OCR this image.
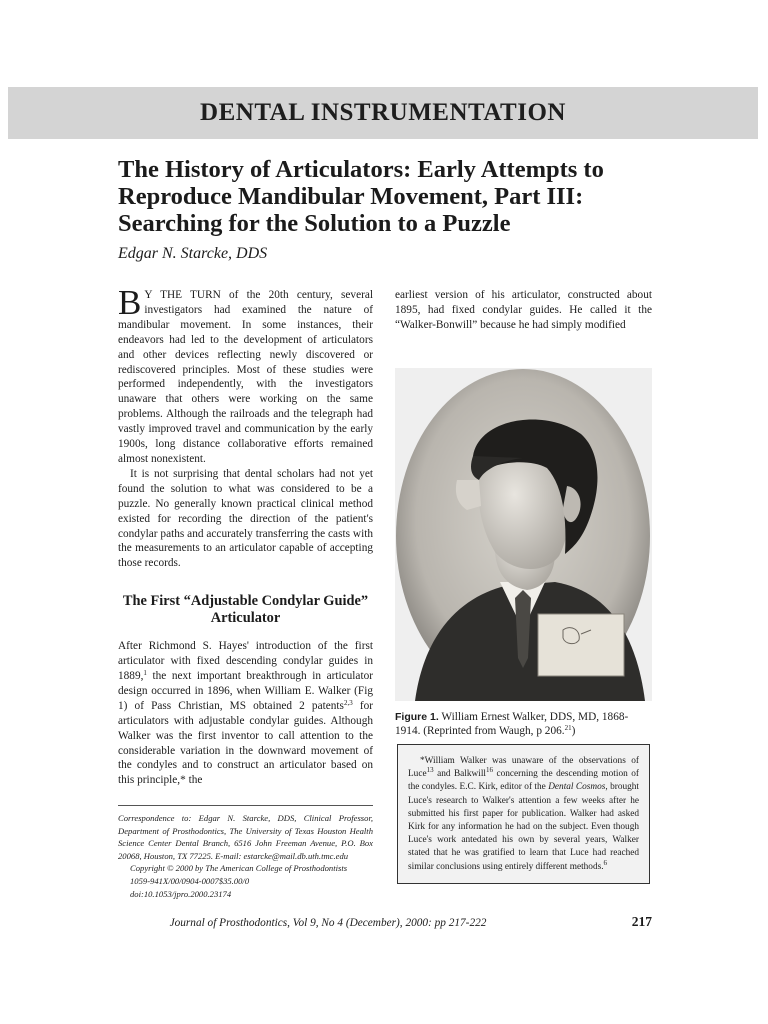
DENTAL INSTRUMENTATION
The History of Articulators: Early Attempts to Reproduce Mandibular Movement, Part III: Searching for the Solution to a Puzzle

Edgar N. Starcke, DDS

B Y THE TURN of the 20th century, several investigators had examined the nature of mandibular movement. In some instances, their endeavors had led to the development of articulators and other devices reflecting newly discovered or rediscovered principles. Most of these studies were performed independently, with the investigators unaware that others were working on the same problems. Although the railroads and the telegraph had vastly improved travel and communication by the early 1900s, long distance collaborative efforts remained almost nonexistent.

It is not surprising that dental scholars had not yet found the solution to what was considered to be a puzzle. No generally known practical clinical method existed for recording the direction of the patient's condylar paths and accurately transferring the casts with the measurements to an articulator capable of accepting those records.

The First “Adjustable Condylar Guide” Articulator

After Richmond S. Hayes' introduction of the first articulator with fixed descending condylar guides in 1889,$^1$ the next important breakthrough in articulator design occurred in 1896, when William E. Walker (Fig 1) of Pass Christian, MS obtained 2 patents$^{2,3}$ for articulators with adjustable condylar guides. Although Walker was the first inventor to call attention to the considerable variation in the downward movement of the condyles and to construct an articulator based on this principle,* the

Correspondence to: Edgar N. Starcke, DDS, Clinical Professor, Department of Prosthodontics, The University of Texas Houston Health Science Center Dental Branch, 6516 John Freeman Avenue, P.O. Box 20068, Houston, TX 77225. E-mail: estarcke@mail.db.uth.tmc.edu

Copyright © 2000 by The American College of Prosthodontists

1059-941X/00/0904-0007$35.00/0

doi:10.1053/jpro.2000.23174

earliest version of his articulator, constructed about 1895, had fixed condylar guides. He called it the “Walker-Bonwill” because he had simply modified

Figure 1. William Ernest Walker, DDS, MD, 1868-1914. (Reprinted from Waugh, p 206.21)

*William Walker was unaware of the observations of Luce$^{13}$ and Balkwill$^{16}$ concerning the descending motion of the condyles. E.C. Kirk, editor of the Dental Cosmos, brought Luce's research to Walker's attention a few weeks after he submitted his first paper for publication. Walker had asked Kirk for any information he had on the subject. Even though Luce's work antedated his own by several years, Walker stated that he was gratified to learn that Luce had reached similar conclusions using entirely different methods.$^6$

Journal of Prosthodontics, Vol 9, No 4 (December), 2000: pp 217-222	217
